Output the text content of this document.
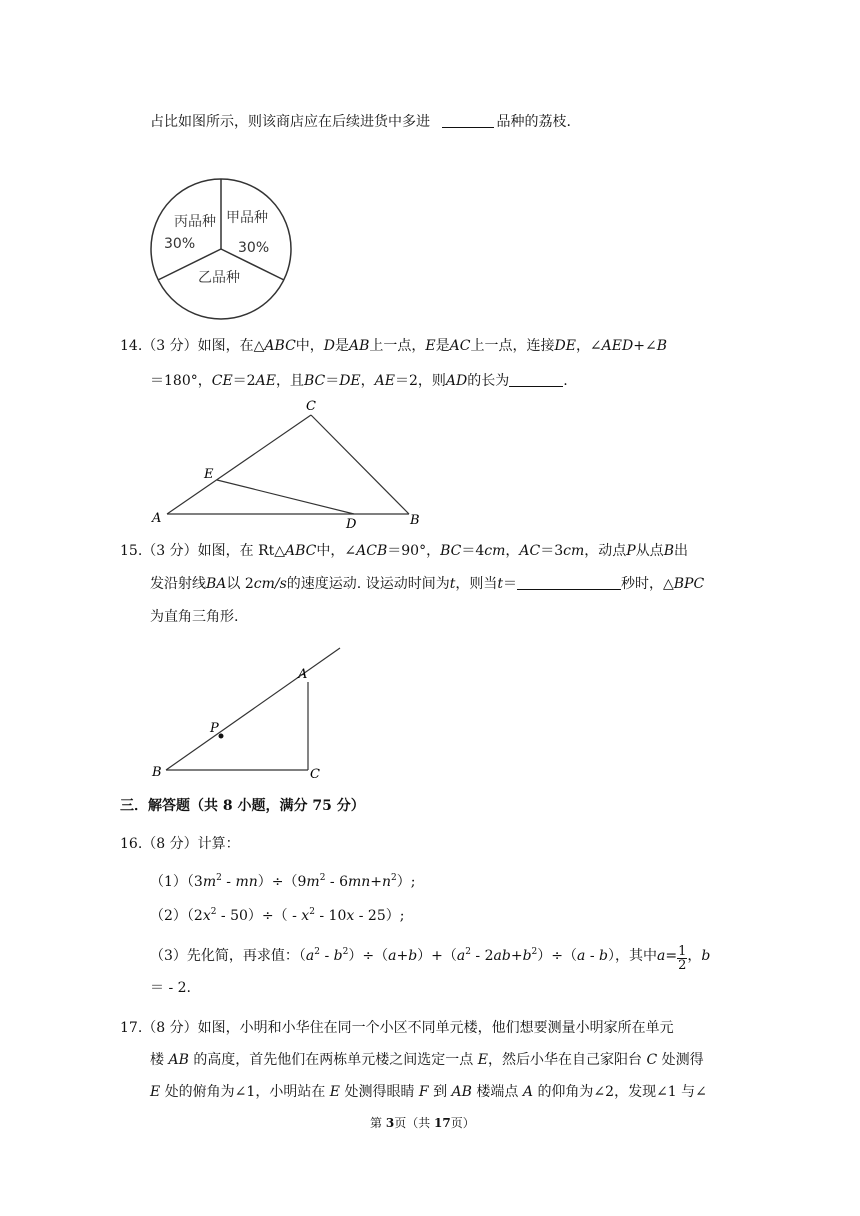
占比如图所示，则该商店应在后续进货中多进	品种的荔枝.
丙品种
30%
甲品种
30%
乙品种
14.（3 分）如图，在△ABC中，D是AB上一点，E是AC上一点，连接DE，∠AED+∠B
＝180°，CE＝2AE，且BC＝DE，AE＝2，则AD的长为	.
C
E
A	D	B
15.（3 分）如图，在 Rt△ABC中，∠ACB＝90°，BC＝4cm，AC＝3cm，动点P从点B出
发沿射线BA以 2cm/s的速度运动. 设运动时间为t，则当t＝	秒时，△BPC
为直角三角形.
A
P
B	C
三．解答题（共 8 小题，满分 75 分）
16.（8 分）计算：
$(1)(3m^2 - mn)\div(9m^2 - 6mn+n^2)$;
$(2)(2x^2 - 50)\div( - x^2 - 10x - 25)$;
（3）先化简，再求值：$(a^2 - b^2)\div(a+b)+(a^2 - 2ab+b^2)\div(a - b)$，其中$a= \frac{1}{2}$ ，b
＝ - 2.
17.（8 分）如图，小明和小华住在同一个小区不同单元楼，他们想要测量小明家所在单元
楼 AB 的高度，首先他们在两栋单元楼之间选定一点 E，然后小华在自己家阳台 C 处测得
E 处的俯角为∠1，小明站在 E 处测得眼睛 F 到 AB 楼端点 A 的仰角为∠2，发现∠1 与∠
第 3页（共 17页）
